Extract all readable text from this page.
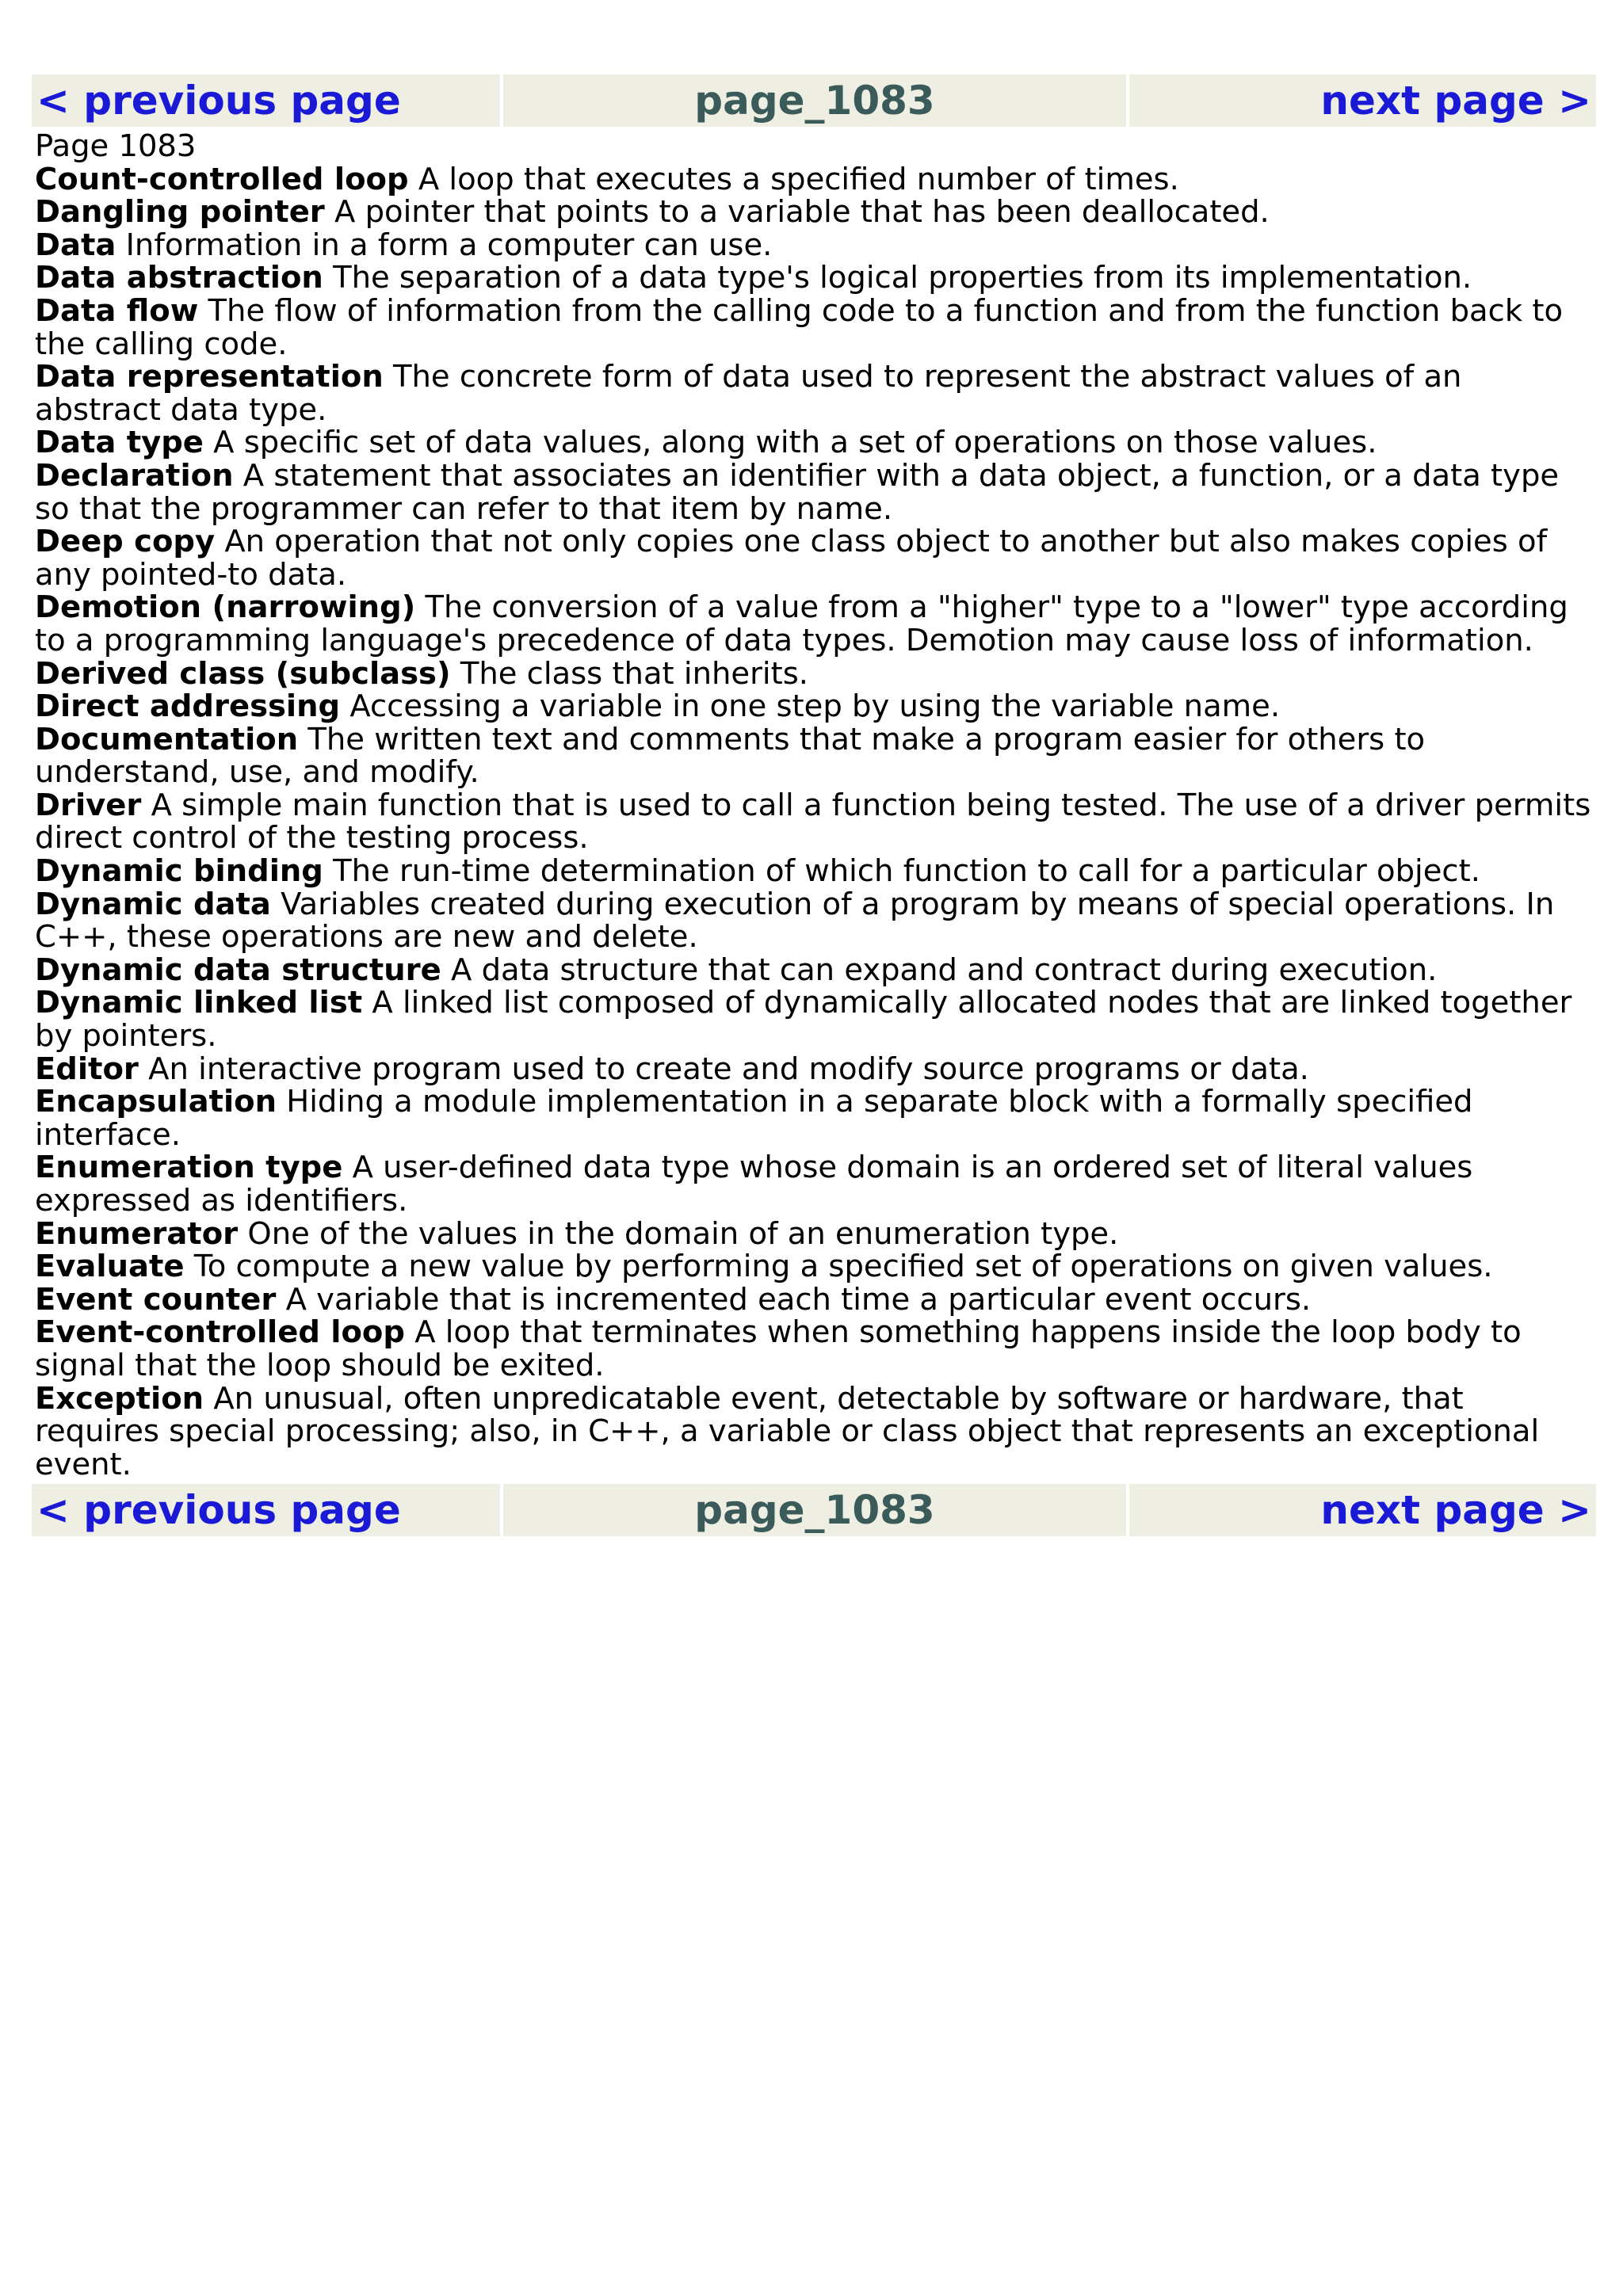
< previous page	page_1083	next page >
Page 1083
Count-controlled loop A loop that executes a specified number of times.
Dangling pointer A pointer that points to a variable that has been deallocated.
Data Information in a form a computer can use.
Data abstraction The separation of a data type's logical properties from its implementation.
Data flow The flow of information from the calling code to a function and from the function back to the calling code.
Data representation The concrete form of data used to represent the abstract values of an abstract data type.
Data type A specific set of data values, along with a set of operations on those values.
Declaration A statement that associates an identifier with a data object, a function, or a data type so that the programmer can refer to that item by name.
Deep copy An operation that not only copies one class object to another but also makes copies of any pointed-to data.
Demotion (narrowing) The conversion of a value from a "higher" type to a "lower" type according to a programming language's precedence of data types. Demotion may cause loss of information.
Derived class (subclass) The class that inherits.
Direct addressing Accessing a variable in one step by using the variable name.
Documentation The written text and comments that make a program easier for others to understand, use, and modify.
Driver A simple main function that is used to call a function being tested. The use of a driver permits direct control of the testing process.
Dynamic binding The run-time determination of which function to call for a particular object.
Dynamic data Variables created during execution of a program by means of special operations. In C++, these operations are new and delete.
Dynamic data structure A data structure that can expand and contract during execution.
Dynamic linked list A linked list composed of dynamically allocated nodes that are linked together by pointers.
Editor An interactive program used to create and modify source programs or data.
Encapsulation Hiding a module implementation in a separate block with a formally specified interface.
Enumeration type A user-defined data type whose domain is an ordered set of literal values expressed as identifiers.
Enumerator One of the values in the domain of an enumeration type.
Evaluate To compute a new value by performing a specified set of operations on given values.
Event counter A variable that is incremented each time a particular event occurs.
Event-controlled loop A loop that terminates when something happens inside the loop body to signal that the loop should be exited.
Exception An unusual, often unpredicatable event, detectable by software or hardware, that requires special processing; also, in C++, a variable or class object that represents an exceptional event.
< previous page	page_1083	next page >
